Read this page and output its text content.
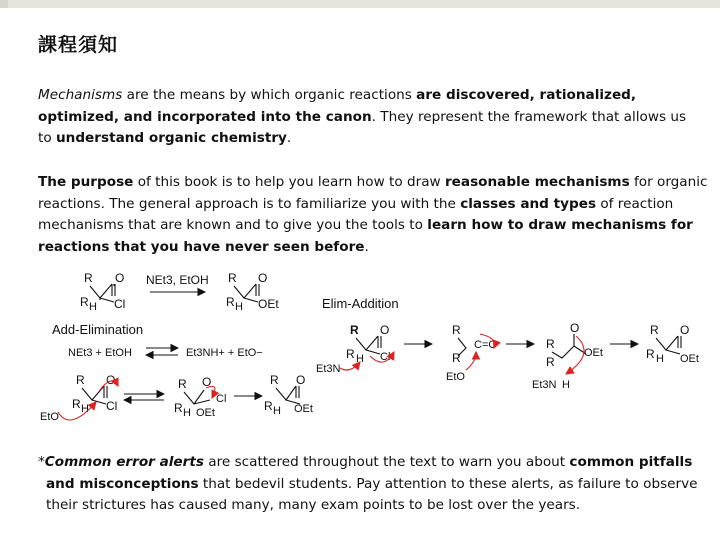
課程須知
Mechanisms are the means by which organic reactions are discovered, rationalized, optimized, and incorporated into the canon. They represent the framework that allows us to understand organic chemistry.
The purpose of this book is to help you learn how to draw reasonable mechanisms for organic reactions. The general approach is to familiarize you with the classes and types of reaction mechanisms that are known and to give you the tools to learn how to draw mechanisms for reactions that you have never seen before.
R O
R H Cl
NEt3, EtOH R O
R H OEt	Elim-Addition
Add-Elimination
NEt3 + EtOH	Et3NH+ + EtO−
R O
R H Cl
EtO
R O
Cl
R H OEt
R O
R H OEt
R O
R H Cl
Et3N
R
C=O
R
EtO
O
R
OEt
R
Et3N H
R O
R H OEt
*Common error alerts are scattered throughout the text to warn you about common pitfalls
and misconceptions that bedevil students. Pay attention to these alerts, as failure to observe their strictures has caused many, many exam points to be lost over the years.
